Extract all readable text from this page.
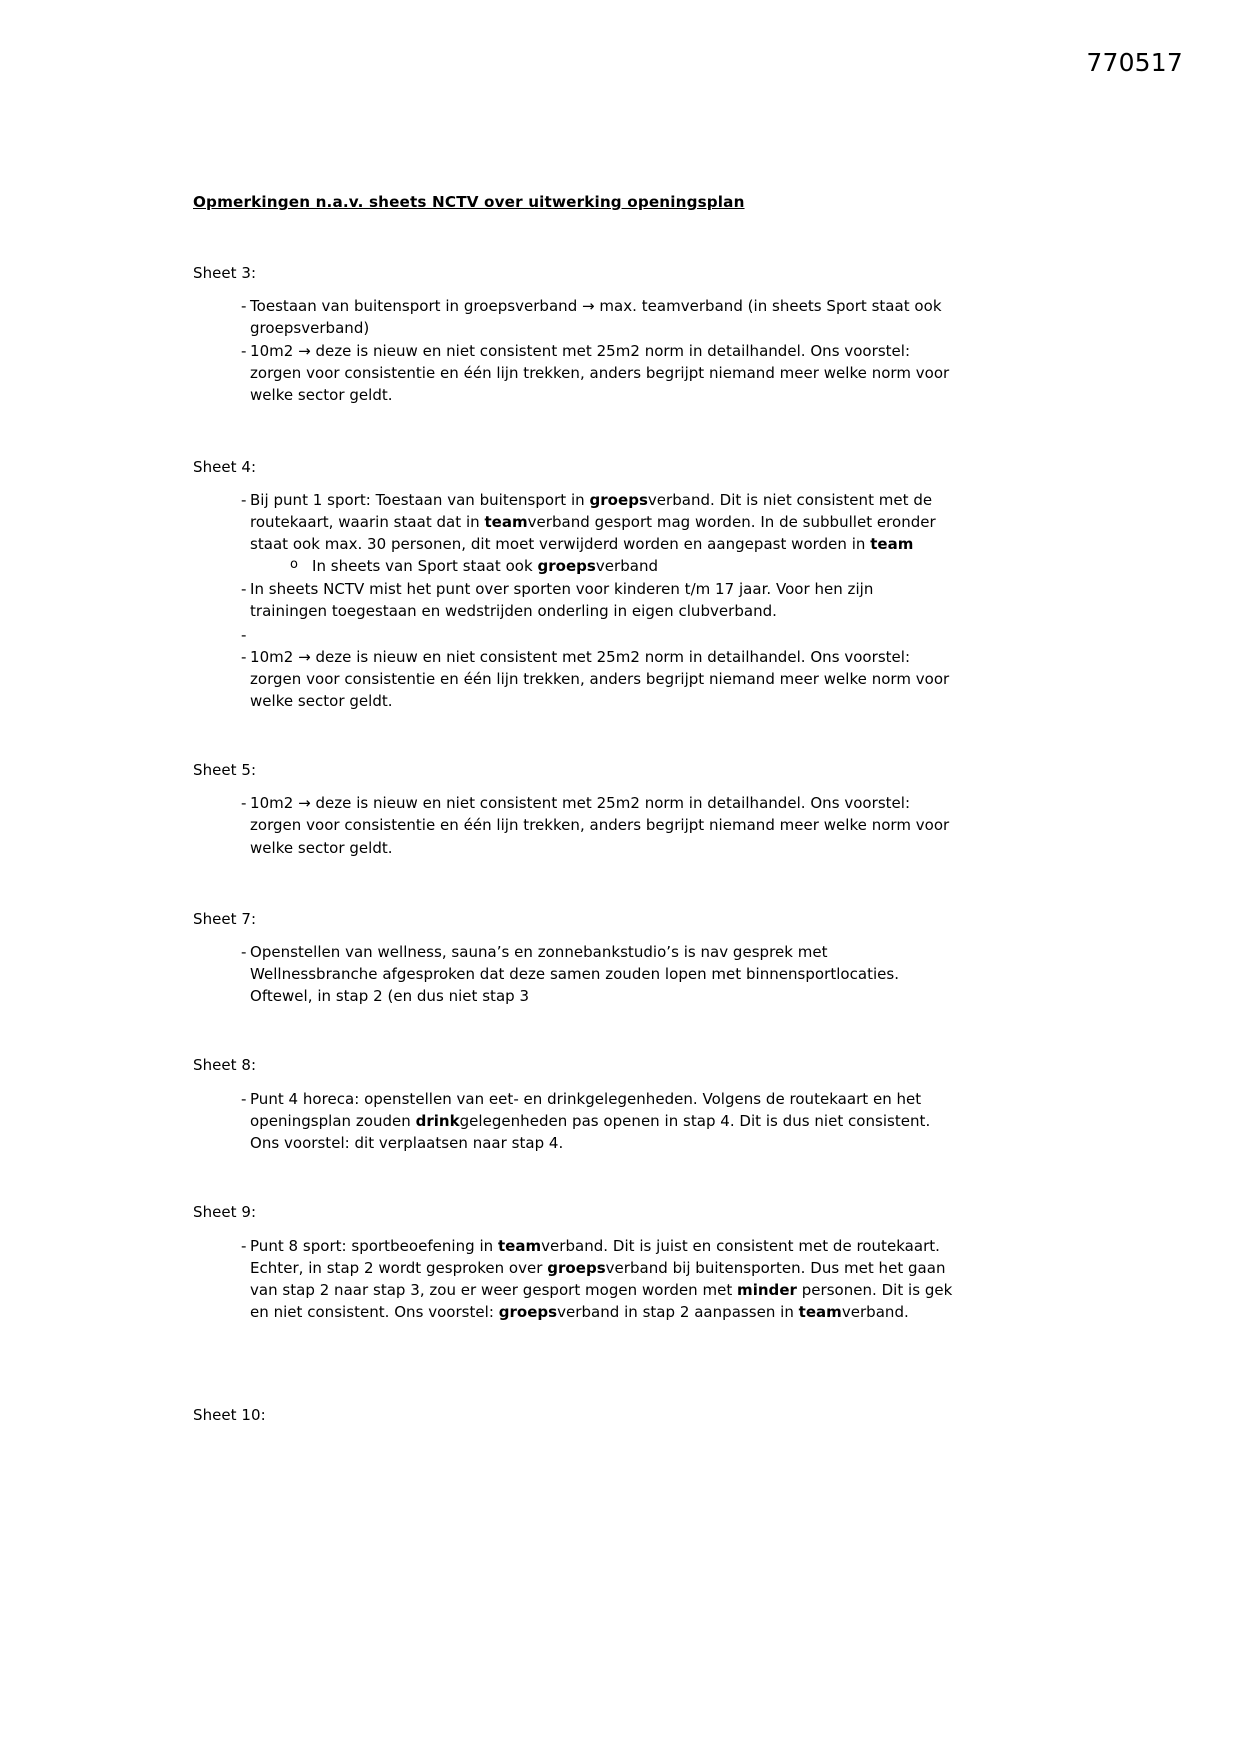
770517
Opmerkingen n.a.v. sheets NCTV over uitwerking openingsplan
Sheet 3:
- Toestaan van buitensport in groepsverband → max. teamverband (in sheets Sport staat ook groepsverband)
- 10m2 → deze is nieuw en niet consistent met 25m2 norm in detailhandel. Ons voorstel: zorgen voor consistentie en één lijn trekken, anders begrijpt niemand meer welke norm voor welke sector geldt.
Sheet 4:
- Bij punt 1 sport: Toestaan van buitensport in groepsverband. Dit is niet consistent met de routekaart, waarin staat dat in teamverband gesport mag worden. In de subbullet eronder staat ook max. 30 personen, dit moet verwijderd worden en aangepast worden in team
o In sheets van Sport staat ook groepsverband
- In sheets NCTV mist het punt over sporten voor kinderen t/m 17 jaar. Voor hen zijn trainingen toegestaan en wedstrijden onderling in eigen clubverband.
-
- 10m2 → deze is nieuw en niet consistent met 25m2 norm in detailhandel. Ons voorstel: zorgen voor consistentie en één lijn trekken, anders begrijpt niemand meer welke norm voor welke sector geldt.
Sheet 5:
- 10m2 → deze is nieuw en niet consistent met 25m2 norm in detailhandel. Ons voorstel: zorgen voor consistentie en één lijn trekken, anders begrijpt niemand meer welke norm voor welke sector geldt.
Sheet 7:
- Openstellen van wellness, sauna’s en zonnebankstudio’s is nav gesprek met Wellnessbranche afgesproken dat deze samen zouden lopen met binnensportlocaties. Oftewel, in stap 2 (en dus niet stap 3
Sheet 8:
- Punt 4 horeca: openstellen van eet- en drinkgelegenheden. Volgens de routekaart en het openingsplan zouden drinkgelegenheden pas openen in stap 4. Dit is dus niet consistent. Ons voorstel: dit verplaatsen naar stap 4.
Sheet 9:
- Punt 8 sport: sportbeoefening in teamverband. Dit is juist en consistent met de routekaart. Echter, in stap 2 wordt gesproken over groepsverband bij buitensporten. Dus met het gaan van stap 2 naar stap 3, zou er weer gesport mogen worden met minder personen. Dit is gek en niet consistent. Ons voorstel: groepsverband in stap 2 aanpassen in teamverband.
Sheet 10:
